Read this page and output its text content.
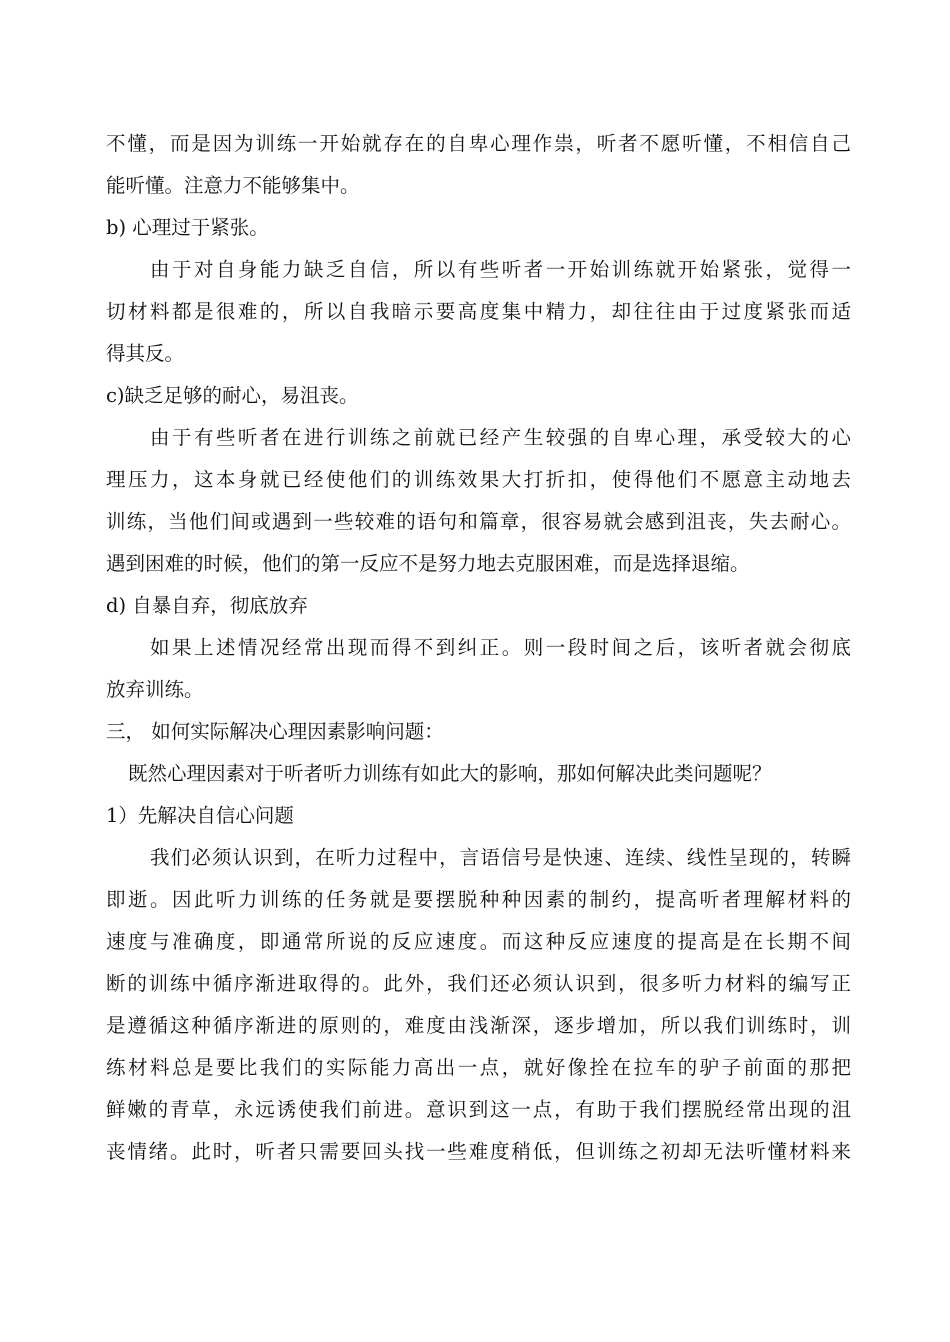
不懂，而是因为训练一开始就存在的自卑心理作祟，听者不愿听懂，不相信自己
能听懂。注意力不能够集中。
b) 心理过于紧张。
由于对自身能力缺乏自信，所以有些听者一开始训练就开始紧张，觉得一
切材料都是很难的，所以自我暗示要高度集中精力，却往往由于过度紧张而适
得其反。
c)缺乏足够的耐心，易沮丧。
由于有些听者在进行训练之前就已经产生较强的自卑心理，承受较大的心
理压力，这本身就已经使他们的训练效果大打折扣，使得他们不愿意主动地去
训练，当他们间或遇到一些较难的语句和篇章，很容易就会感到沮丧，失去耐心。
遇到困难的时候，他们的第一反应不是努力地去克服困难，而是选择退缩。
d) 自暴自弃，彻底放弃
如果上述情况经常出现而得不到纠正。则一段时间之后，该听者就会彻底
放弃训练。
三， 如何实际解决心理因素影响问题：
既然心理因素对于听者听力训练有如此大的影响，那如何解决此类问题呢？
1）先解决自信心问题
我们必须认识到，在听力过程中，言语信号是快速、连续、线性呈现的，转瞬
即逝。因此听力训练的任务就是要摆脱种种因素的制约，提高听者理解材料的
速度与准确度，即通常所说的反应速度。而这种反应速度的提高是在长期不间
断的训练中循序渐进取得的。此外，我们还必须认识到，很多听力材料的编写正
是遵循这种循序渐进的原则的，难度由浅渐深，逐步增加，所以我们训练时，训
练材料总是要比我们的实际能力高出一点，就好像拴在拉车的驴子前面的那把
鲜嫩的青草，永远诱使我们前进。意识到这一点，有助于我们摆脱经常出现的沮
丧情绪。此时，听者只需要回头找一些难度稍低，但训练之初却无法听懂材料来
